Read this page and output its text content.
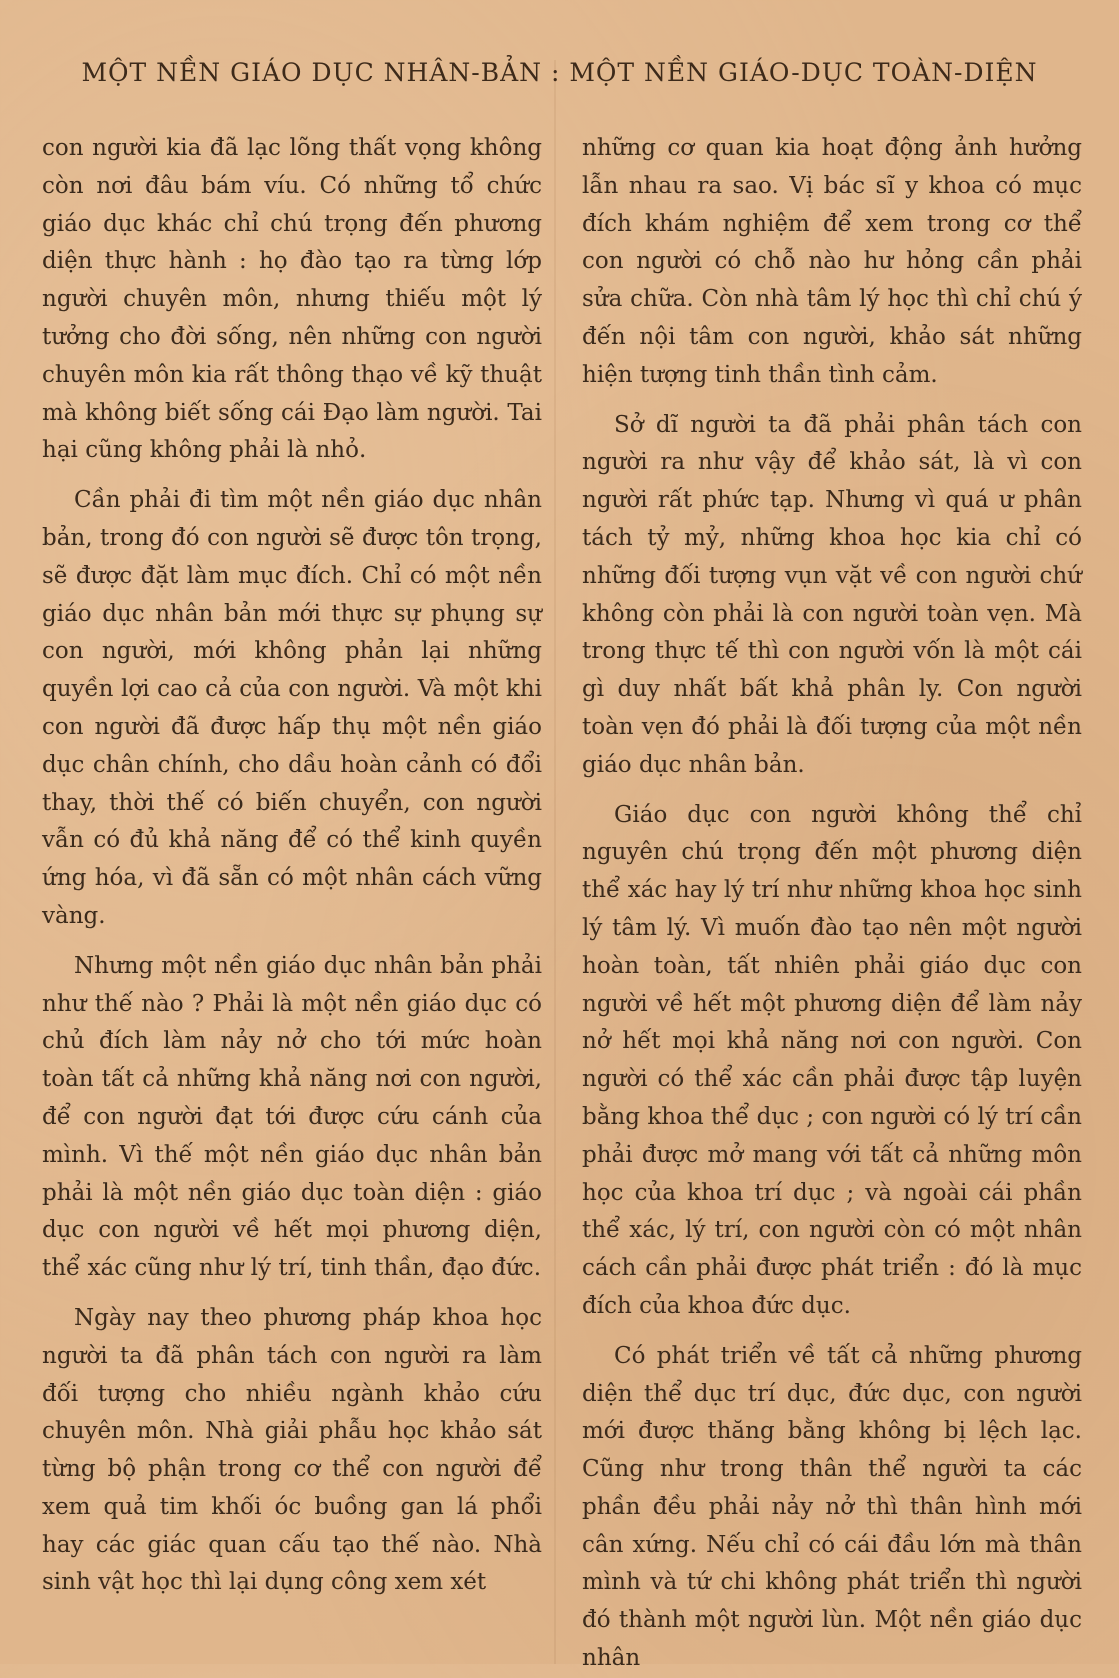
MỘT NỀN GIÁO DỤC NHÂN-BẢN : MỘT NỀN GIÁO-DỤC TOÀN-DIỆN

con người kia đã lạc lõng thất vọng không còn nơi đâu bám víu. Có những tổ chức giáo dục khác chỉ chú trọng đến phương diện thực hành : họ đào tạo ra từng lớp người chuyên môn, nhưng thiếu một lý tưởng cho đời sống, nên những con người chuyên môn kia rất thông thạo về kỹ thuật mà không biết sống cái Đạo làm người. Tai hại cũng không phải là nhỏ.

Cần phải đi tìm một nền giáo dục nhân bản, trong đó con người sẽ được tôn trọng, sẽ được đặt làm mục đích. Chỉ có một nền giáo dục nhân bản mới thực sự phụng sự con người, mới không phản lại những quyền lợi cao cả của con người. Và một khi con người đã được hấp thụ một nền giáo dục chân chính, cho dầu hoàn cảnh có đổi thay, thời thế có biến chuyển, con người vẫn có đủ khả năng để có thể kinh quyền ứng hóa, vì đã sẵn có một nhân cách vững vàng.

Nhưng một nền giáo dục nhân bản phải như thế nào ? Phải là một nền giáo dục có chủ đích làm nảy nở cho tới mức hoàn toàn tất cả những khả năng nơi con người, để con người đạt tới được cứu cánh của mình. Vì thế một nền giáo dục nhân bản phải là một nền giáo dục toàn diện : giáo dục con người về hết mọi phương diện, thể xác cũng như lý trí, tinh thần, đạo đức.

Ngày nay theo phương pháp khoa học người ta đã phân tách con người ra làm đối tượng cho nhiều ngành khảo cứu chuyên môn. Nhà giải phẫu học khảo sát từng bộ phận trong cơ thể con người để xem quả tim khối óc buồng gan lá phổi hay các giác quan cấu tạo thế nào. Nhà sinh vật học thì lại dụng công xem xét

những cơ quan kia hoạt động ảnh hưởng lẫn nhau ra sao. Vị bác sĩ y khoa có mục đích khám nghiệm để xem trong cơ thể con người có chỗ nào hư hỏng cần phải sửa chữa. Còn nhà tâm lý học thì chỉ chú ý đến nội tâm con người, khảo sát những hiện tượng tinh thần tình cảm.

Sở dĩ người ta đã phải phân tách con người ra như vậy để khảo sát, là vì con người rất phức tạp. Nhưng vì quá ư phân tách tỷ mỷ, những khoa học kia chỉ có những đối tượng vụn vặt về con người chứ không còn phải là con người toàn vẹn. Mà trong thực tế thì con người vốn là một cái gì duy nhất bất khả phân ly. Con người toàn vẹn đó phải là đối tượng của một nền giáo dục nhân bản.

Giáo dục con người không thể chỉ nguyên chú trọng đến một phương diện thể xác hay lý trí như những khoa học sinh lý tâm lý. Vì muốn đào tạo nên một người hoàn toàn, tất nhiên phải giáo dục con người về hết một phương diện để làm nảy nở hết mọi khả năng nơi con người. Con người có thể xác cần phải được tập luyện bằng khoa thể dục ; con người có lý trí cần phải được mở mang với tất cả những môn học của khoa trí dục ; và ngoài cái phần thể xác, lý trí, con người còn có một nhân cách cần phải được phát triển : đó là mục đích của khoa đức dục.

Có phát triển về tất cả những phương diện thể dục trí dục, đức dục, con người mới được thăng bằng không bị lệch lạc. Cũng như trong thân thể người ta các phần đều phải nảy nở thì thân hình mới cân xứng. Nếu chỉ có cái đầu lớn mà thân mình và tứ chi không phát triển thì người đó thành một người lùn. Một nền giáo dục nhân
